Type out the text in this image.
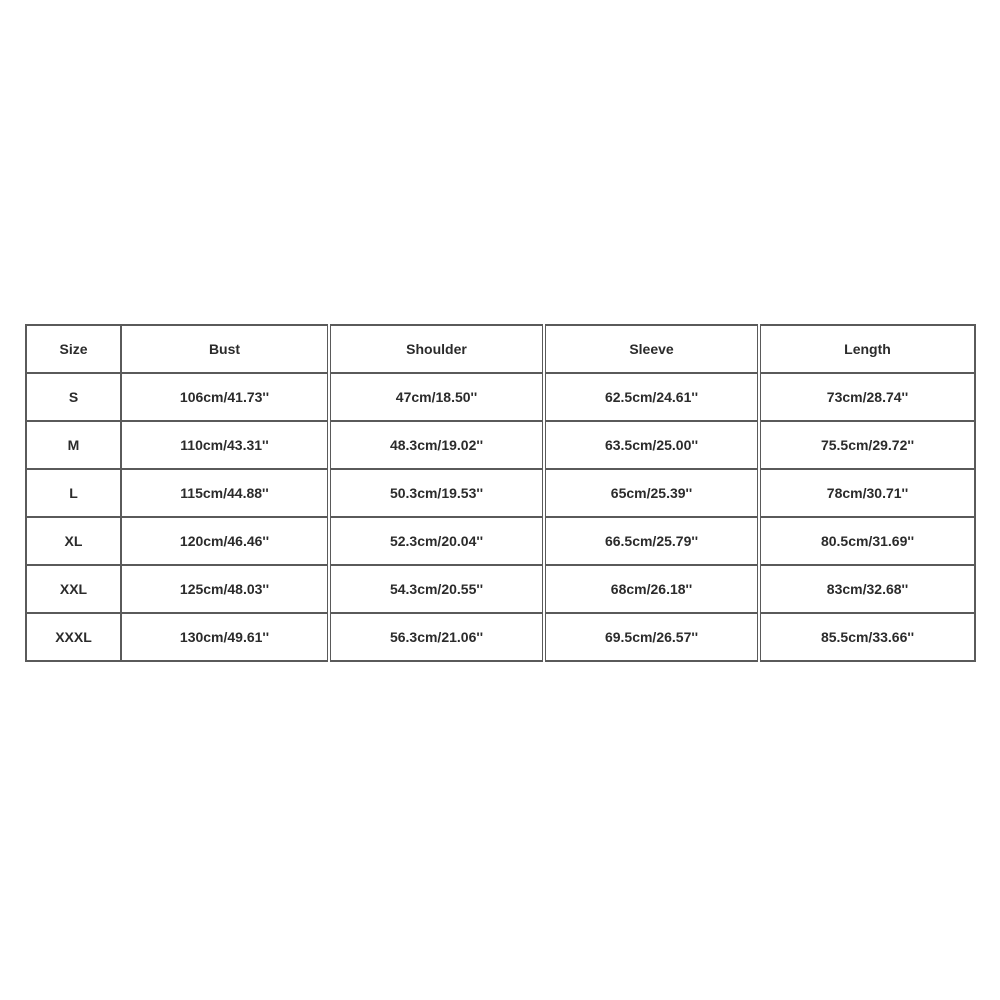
Size	Bust	Shoulder	Sleeve	Length
S	106cm/41.73''	47cm/18.50''	62.5cm/24.61''	73cm/28.74''
M	110cm/43.31''	48.3cm/19.02''	63.5cm/25.00''	75.5cm/29.72''
L	115cm/44.88''	50.3cm/19.53''	65cm/25.39''	78cm/30.71''
XL	120cm/46.46''	52.3cm/20.04''	66.5cm/25.79''	80.5cm/31.69''
XXL	125cm/48.03''	54.3cm/20.55''	68cm/26.18''	83cm/32.68''
XXXL	130cm/49.61''	56.3cm/21.06''	69.5cm/26.57''	85.5cm/33.66''
